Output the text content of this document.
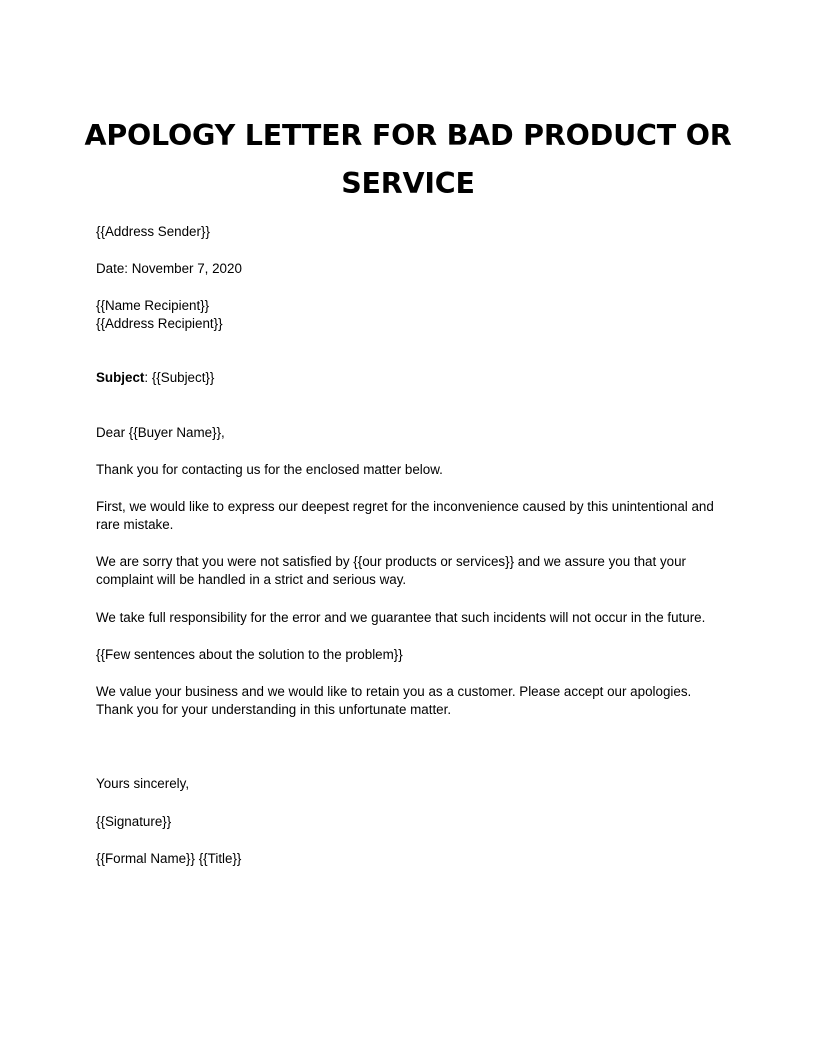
APOLOGY LETTER FOR BAD PRODUCT OR SERVICE
{{Address Sender}}
Date: November 7, 2020
{{Name Recipient}}
{{Address Recipient}}
Subject: {{Subject}}
Dear {{Buyer Name}},
Thank you for contacting us for the enclosed matter below.
First, we would like to express our deepest regret for the inconvenience caused by this unintentional and
rare mistake.
We are sorry that you were not satisfied by {{our products or services}} and we assure you that your
complaint will be handled in a strict and serious way.
We take full responsibility for the error and we guarantee that such incidents will not occur in the future.
{{Few sentences about the solution to the problem}}
We value your business and we would like to retain you as a customer. Please accept our apologies.
Thank you for your understanding in this unfortunate matter.
Yours sincerely,
{{Signature}}
{{Formal Name}} {{Title}}
